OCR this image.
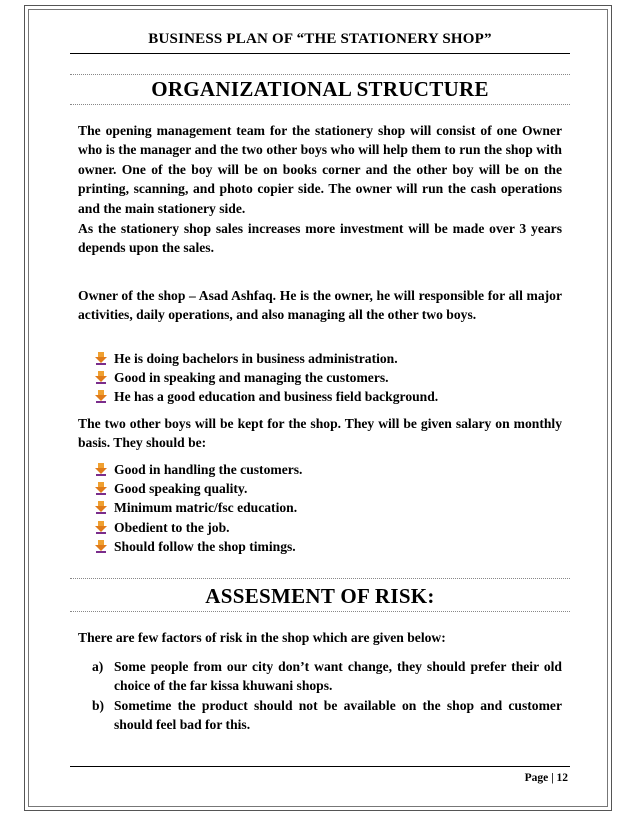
BUSINESS PLAN OF “THE STATIONERY SHOP”
ORGANIZATIONAL STRUCTURE
The opening management team for the stationery shop will consist of one Owner who is the manager and the two other boys who will help them to run the shop with owner. One of the boy will be on books corner and the other boy will be on the printing, scanning, and photo copier side. The owner will run the cash operations and the main stationery side.
As the stationery shop sales increases more investment will be made over 3 years depends upon the sales.
Owner of the shop – Asad Ashfaq. He is the owner, he will responsible for all major activities, daily operations, and also managing all the other two boys.
He is doing bachelors in business administration.
Good in speaking and managing the customers.
He has a good education and business field background.
The two other boys will be kept for the shop. They will be given salary on monthly basis. They should be:
Good in handling the customers.
Good speaking quality.
Minimum matric/fsc education.
Obedient to the job.
Should follow the shop timings.
ASSESMENT OF RISK:
There are few factors of risk in the shop which are given below:
a) Some people from our city don’t want change, they should prefer their old choice of the far kissa khuwani shops.
b) Sometime the product should not be available on the shop and customer should feel bad for this.
Page | 12
